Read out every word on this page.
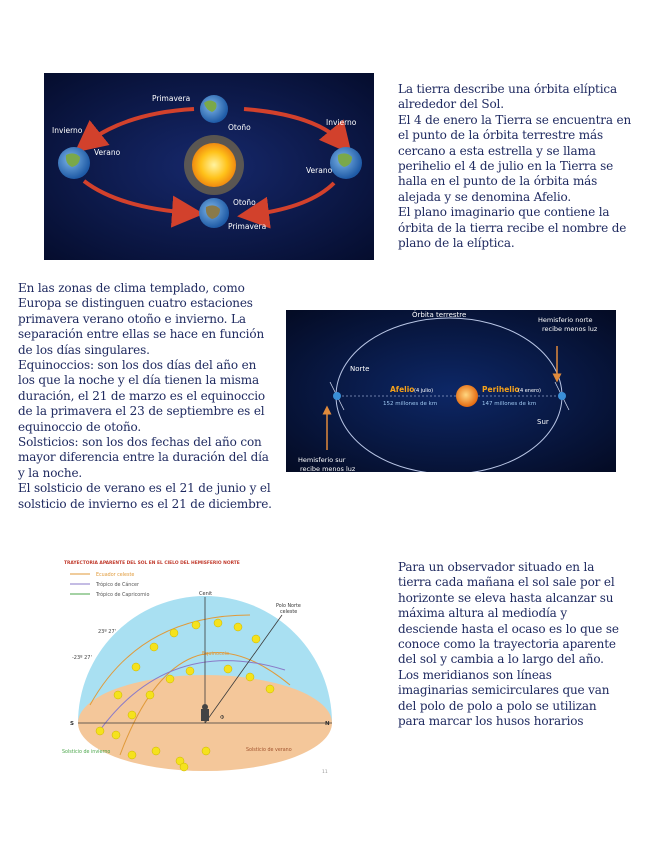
La tierra describe una órbita elíptica
alrededor del Sol.
El 4 de enero la Tierra se encuentra en
el punto de la órbita terrestre más
cercano a esta estrella y se llama
perihelio el 4 de julio en la Tierra se
halla en el punto de la órbita más
alejada y se denomina Afelio.
El plano imaginario que contiene la
órbita de la tierra recibe el nombre de
plano de la elíptica.
En las zonas de clima templado, como
Europa se distinguen cuatro estaciones
primavera verano otoño e invierno. La
separación entre ellas se hace en función
de los días singulares.
Equinoccios: son los dos días del año en
los que la noche y el día tienen la misma
duración, el 21 de marzo es el equinoccio
de la primavera el 23 de septiembre es el
equinoccio de otoño.
Solsticios: son los dos fechas del año con
mayor diferencia entre la duración del día
y la noche.
El solsticio de verano es el 21 de junio y el
solsticio de invierno es el 21 de diciembre.
Para un observador situado en la
tierra cada mañana el sol sale por el
horizonte se eleva hasta alcanzar su
máxima altura al mediodía y
desciende hasta el ocaso es lo que se
conoce como la trayectoria aparente
del sol y cambia a lo largo del año.
Los meridianos son líneas
imaginarias semicirculares que van
del polo de polo a polo se utilizan
para marcar los husos horarios
Primavera
Otoño
Invierno
Verano
Invierno
Verano
Otoño
Primavera
Órbita terrestre
Hemisferio norte
recibe menos luz
Norte
Afelio (4 julio)
152 millones de km
Perihelio
(4 enero)
147 millones de km
Sur
Hemisferio sur
recibe menos luz
TRAYECTORIA APARENTE DEL SOL EN EL CIELO DEL HEMISFERIO NORTE
Ecuador celeste
Trópico de Cáncer
Trópico de Capricornio	Cenit
Polo Norte
celeste
23º 27'
-23º 27'
Equinoccio
S	N
Φ
Solsticio de invierno	Solsticio de verano
11
